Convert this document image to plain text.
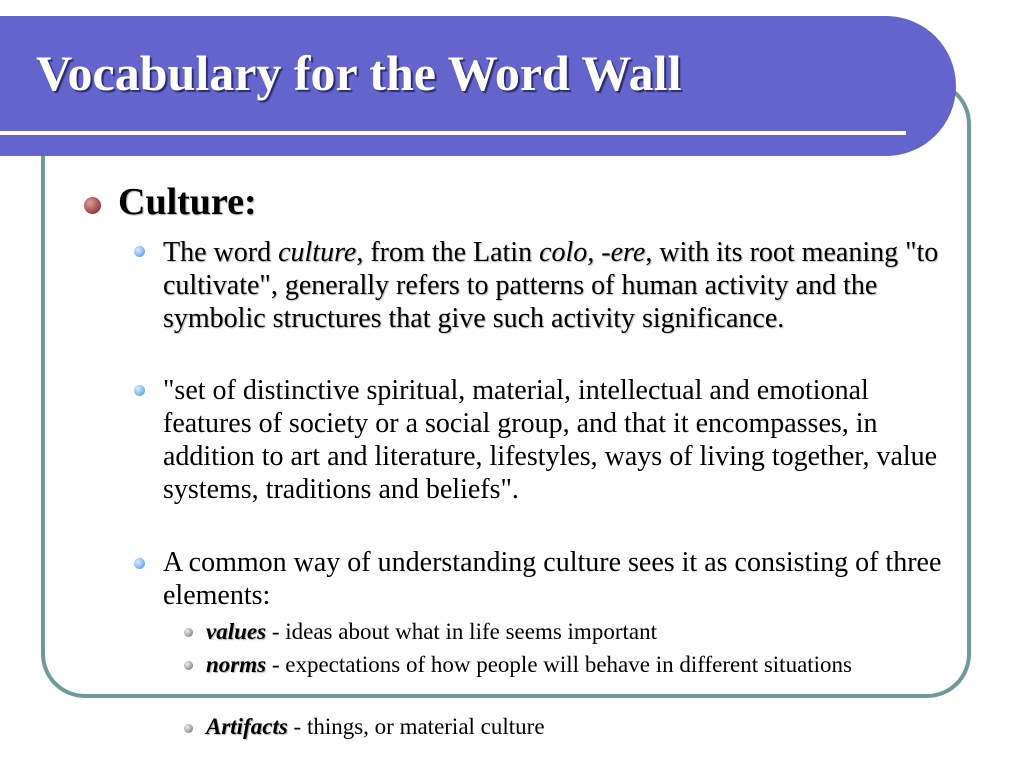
Vocabulary for the Word Wall
Culture:

The word culture, from the Latin colo, -ere, with its root meaning "to cultivate", generally refers to patterns of human activity and the symbolic structures that give such activity significance.

"set of distinctive spiritual, material, intellectual and emotional features of society or a social group, and that it encompasses, in addition to art and literature, lifestyles, ways of living together, value systems, traditions and beliefs".

A common way of understanding culture sees it as consisting of three elements:

values - ideas about what in life seems important

norms - expectations of how people will behave in different situations

Artifacts - things, or material culture
